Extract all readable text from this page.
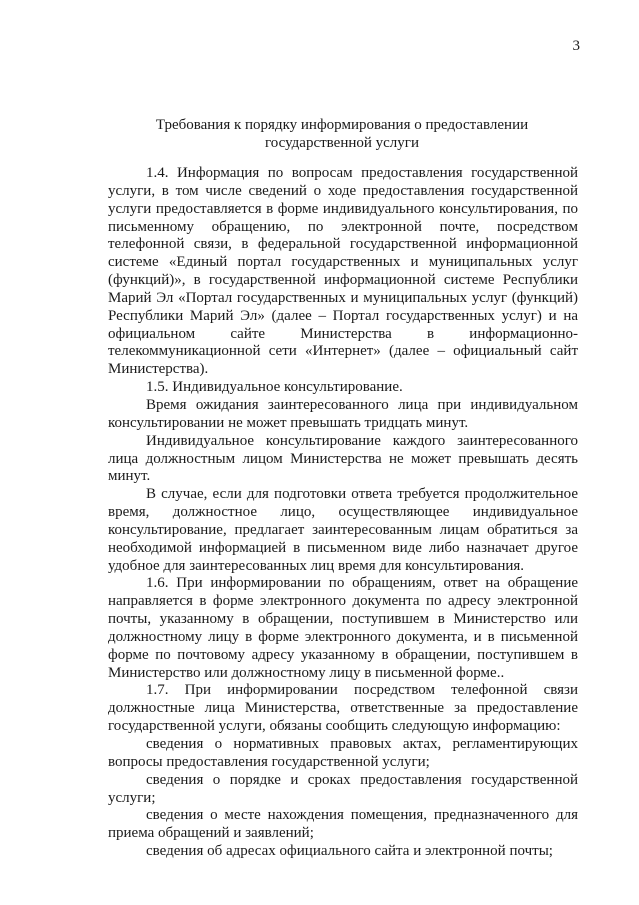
3
Требования к порядку информирования о предоставлении
государственной услуги

1.4. Информация по вопросам предоставления государственной услуги, в том числе сведений о ходе предоставления государственной услуги предоставляется в форме индивидуального консультирования, по письменному обращению, по электронной почте, посредством телефонной связи, в федеральной государственной информационной системе «Единый портал государственных и муниципальных услуг (функций)», в государственной информационной системе Республики Марий Эл «Портал государственных и муниципальных услуг (функций) Республики Марий Эл» (далее – Портал государственных услуг) и на официальном сайте Министерства в информационно-телекоммуникационной сети «Интернет» (далее – официальный сайт Министерства).

1.5. Индивидуальное консультирование.

Время ожидания заинтересованного лица при индивидуальном консультировании не может превышать тридцать минут.

Индивидуальное консультирование каждого заинтересованного лица должностным лицом Министерства не может превышать десять минут.

В случае, если для подготовки ответа требуется продолжительное время, должностное лицо, осуществляющее индивидуальное консультирование, предлагает заинтересованным лицам обратиться за необходимой информацией в письменном виде либо назначает другое удобное для заинтересованных лиц время для консультирования.

1.6. При информировании по обращениям, ответ на обращение направляется в форме электронного документа по адресу электронной почты, указанному в обращении, поступившем в Министерство или должностному лицу в форме электронного документа, и в письменной форме по почтовому адресу указанному в обращении, поступившем в Министерство или должностному лицу в письменной форме..

1.7. При информировании посредством телефонной связи должностные лица Министерства, ответственные за предоставление государственной услуги, обязаны сообщить следующую информацию:

сведения о нормативных правовых актах, регламентирующих вопросы предоставления государственной услуги;

сведения о порядке и сроках предоставления государственной услуги;

сведения о месте нахождения помещения, предназначенного для приема обращений и заявлений;

сведения об адресах официального сайта и электронной почты;
